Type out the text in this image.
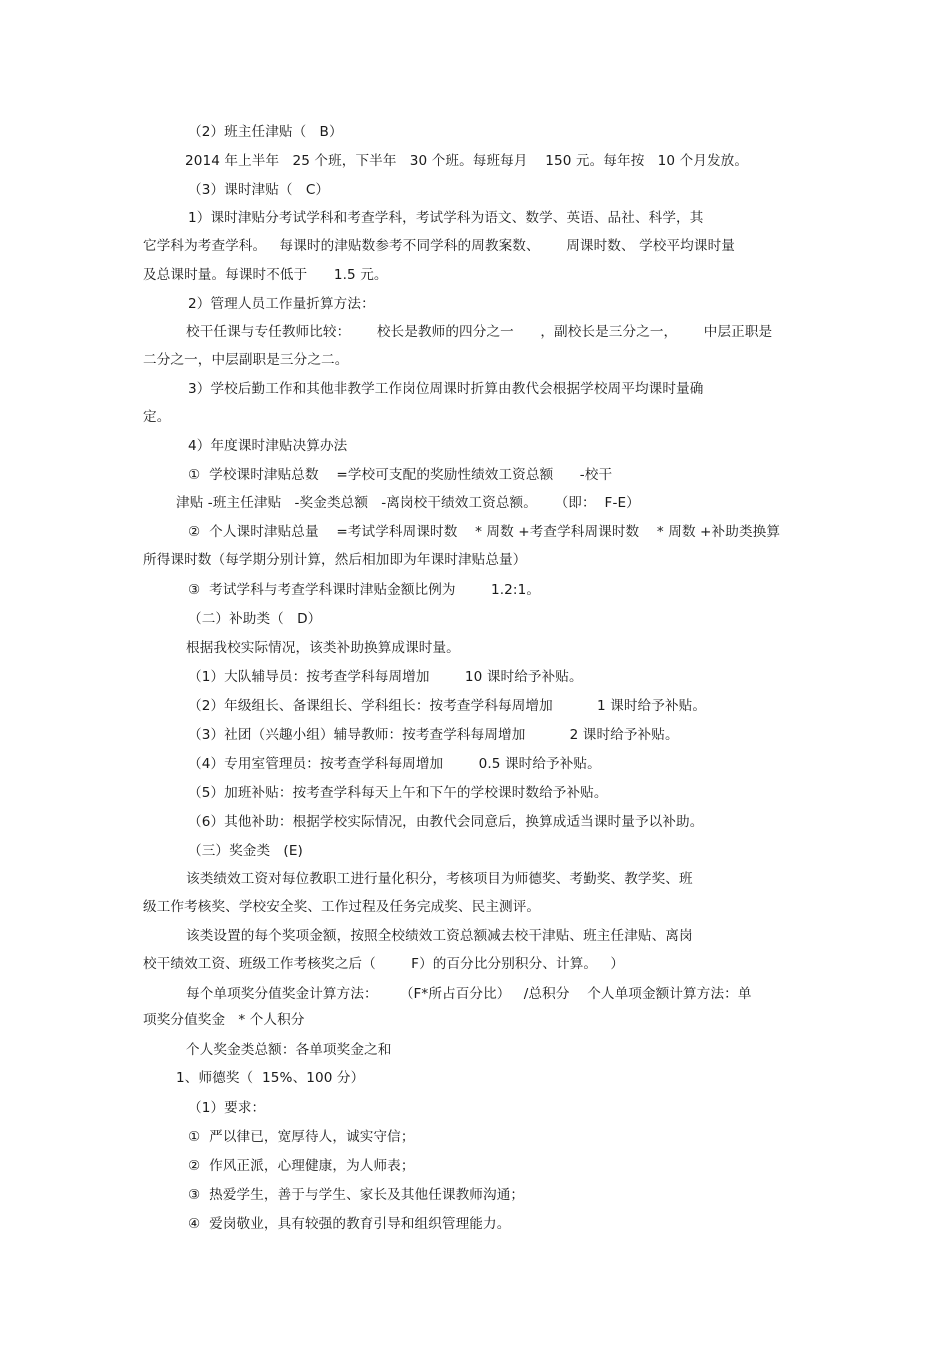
（2）班主任津贴（   B）
2014 年上半年   25 个班，下半年   30 个班。每班每月    150 元。每年按   10 个月发放。
（3）课时津贴（   C）
1）课时津贴分考试学科和考查学科，考试学科为语文、数学、英语、品社、科学，其
它学科为考查学科。   每课时的津贴数参考不同学科的周教案数、      周课时数、 学校平均课时量
及总课时量。每课时不低于      1.5 元。
2）管理人员工作量折算方法：
校干任课与专任教师比较：      校长是教师的四分之一      ，副校长是三分之一，      中层正职是
二分之一，中层副职是三分之二。
3）学校后勤工作和其他非教学工作岗位周课时折算由教代会根据学校周平均课时量确
定。
4）年度课时津贴决算办法
①  学校课时津贴总数    =学校可支配的奖励性绩效工资总额      -校干
津贴 -班主任津贴   -奖金类总额   -离岗校干绩效工资总额。    （即：  F-E）
②  个人课时津贴总量    =考试学科周课时数    * 周数 +考查学科周课时数    * 周数 +补助类换算
所得课时数（每学期分别计算，然后相加即为年课时津贴总量）
③  考试学科与考查学科课时津贴金额比例为        1.2:1。
（二）补助类（   D）
根据我校实际情况，该类补助换算成课时量。
（1）大队辅导员：按考查学科每周增加        10 课时给予补贴。
（2）年级组长、备课组长、学科组长：按考查学科每周增加          1 课时给予补贴。
（3）社团（兴趣小组）辅导教师：按考查学科每周增加          2 课时给予补贴。
（4）专用室管理员：按考查学科每周增加        0.5 课时给予补贴。
（5）加班补贴：按考查学科每天上午和下午的学校课时数给予补贴。
（6）其他补助：根据学校实际情况，由教代会同意后，换算成适当课时量予以补助。
（三）奖金类   (E)
该类绩效工资对每位教职工进行量化积分，考核项目为师德奖、考勤奖、教学奖、班
级工作考核奖、学校安全奖、工作过程及任务完成奖、民主测评。
该类设置的每个奖项金额，按照全校绩效工资总额减去校干津贴、班主任津贴、离岗
校干绩效工资、班级工作考核奖之后（        F）的百分比分别积分、计算。   ）
每个单项奖分值奖金计算方法：     （F*所占百分比）   /总积分    个人单项金额计算方法：单
项奖分值奖金   * 个人积分
个人奖金类总额：各单项奖金之和
1、师德奖（  15%、100 分）
（1）要求：
①  严以律已，宽厚待人，诚实守信；
②  作风正派，心理健康，为人师表；
③  热爱学生，善于与学生、家长及其他任课教师沟通；
④  爱岗敬业，具有较强的教育引导和组织管理能力。
